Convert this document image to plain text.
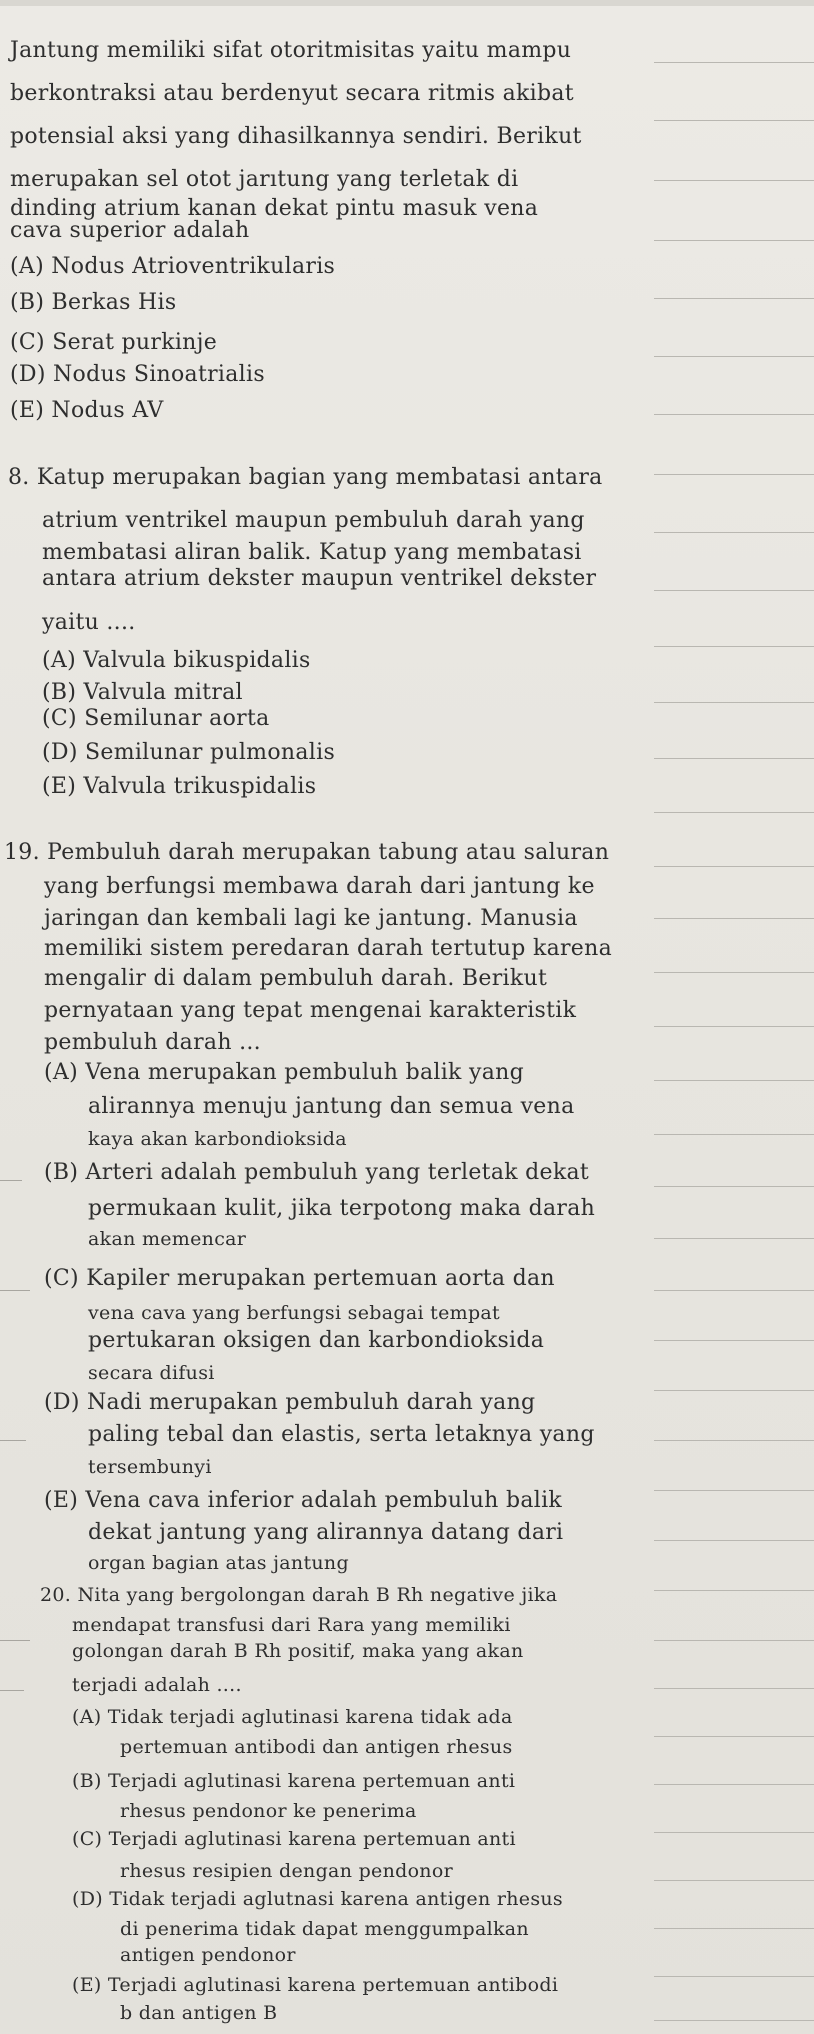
Jantung memiliki sifat otoritmisitas yaitu mampu
berkontraksi atau berdenyut secara ritmis akibat
potensial aksi yang dihasilkannya sendiri. Berikut
merupakan sel otot jarıtung yang terletak di
dinding atrium kanan dekat pintu masuk vena
cava superior adalah
(A) Nodus Atrioventrikularis
(B) Berkas His
(C) Serat purkinje
(D) Nodus Sinoatrialis
(E) Nodus AV
8. Katup merupakan bagian yang membatasi antara
atrium ventrikel maupun pembuluh darah yang
membatasi aliran balik. Katup yang membatasi
antara atrium dekster maupun ventrikel dekster
yaitu ....
(A) Valvula bikuspidalis
(B) Valvula mitral
(C) Semilunar aorta
(D) Semilunar pulmonalis
(E) Valvula trikuspidalis
19. Pembuluh darah merupakan tabung atau saluran
yang berfungsi membawa darah dari jantung ke
jaringan dan kembali lagi ke jantung. Manusia
memiliki sistem peredaran darah tertutup karena
mengalir di dalam pembuluh darah. Berikut
pernyataan yang tepat mengenai karakteristik
pembuluh darah ...
(A) Vena merupakan pembuluh balik yang
alirannya menuju jantung dan semua vena
kaya akan karbondioksida
(B) Arteri adalah pembuluh yang terletak dekat
permukaan kulit, jika terpotong maka darah
akan memencar
(C) Kapiler merupakan pertemuan aorta dan
vena cava yang berfungsi sebagai tempat
pertukaran oksigen dan karbondioksida
secara difusi
(D) Nadi merupakan pembuluh darah yang
paling tebal dan elastis, serta letaknya yang
tersembunyi
(E) Vena cava inferior adalah pembuluh balik
dekat jantung yang alirannya datang dari
organ bagian atas jantung
20. Nita yang bergolongan darah B Rh negative jika
mendapat transfusi dari Rara yang memiliki
golongan darah B Rh positif, maka yang akan
terjadi adalah ....
(A) Tidak terjadi aglutinasi karena tidak ada
pertemuan antibodi dan antigen rhesus
(B) Terjadi aglutinasi karena pertemuan anti
rhesus pendonor ke penerima
(C) Terjadi aglutinasi karena pertemuan anti
rhesus resipien dengan pendonor
(D) Tidak terjadi aglutnasi karena antigen rhesus
di penerima tidak dapat menggumpalkan
antigen pendonor
(E) Terjadi aglutinasi karena pertemuan antibodi
b dan antigen B
